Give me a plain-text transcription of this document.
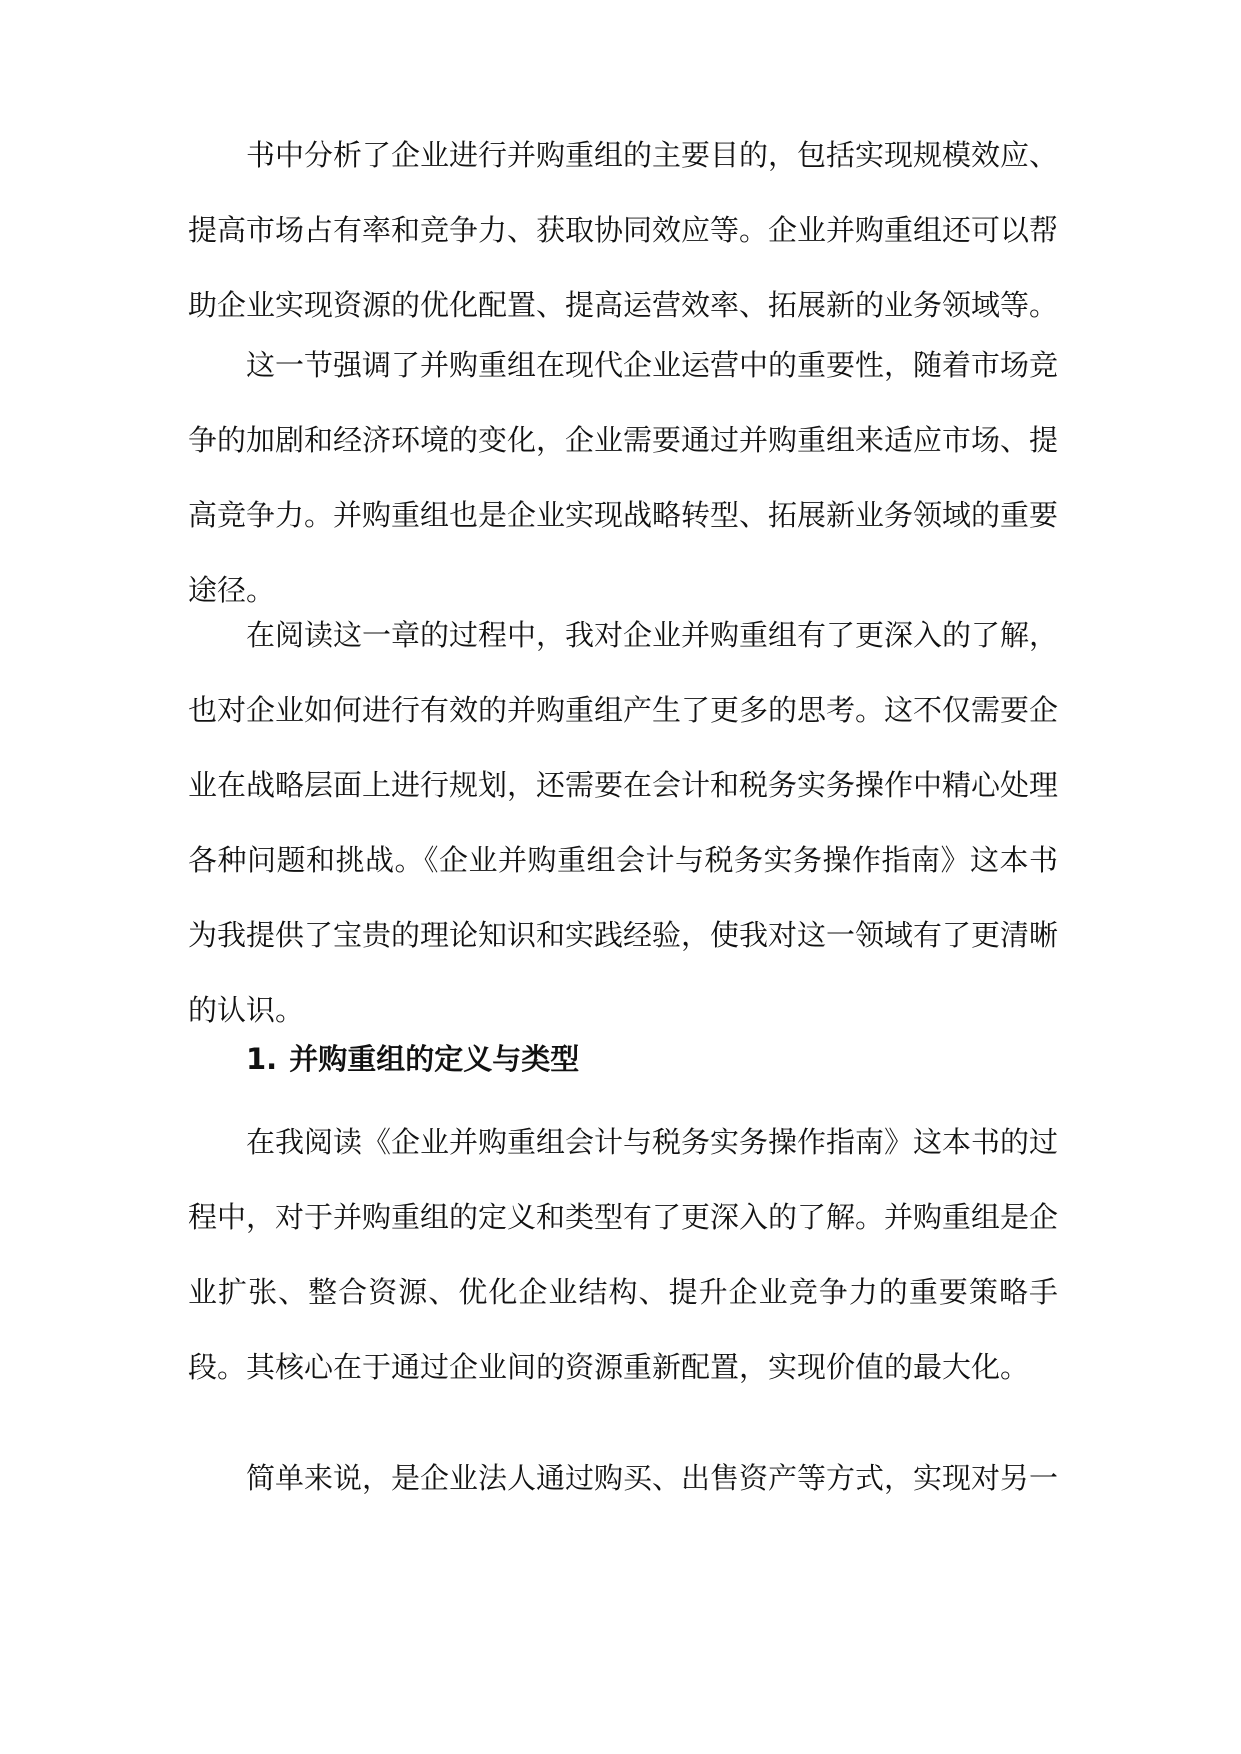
书中分析了企业进行并购重组的主要目的，包括实现规模效应、提高市场占有率和竞争力、获取协同效应等。企业并购重组还可以帮助企业实现资源的优化配置、提高运营效率、拓展新的业务领域等。

这一节强调了并购重组在现代企业运营中的重要性，随着市场竞争的加剧和经济环境的变化，企业需要通过并购重组来适应市场、提高竞争力。并购重组也是企业实现战略转型、拓展新业务领域的重要途径。

在阅读这一章的过程中，我对企业并购重组有了更深入的了解，也对企业如何进行有效的并购重组产生了更多的思考。这不仅需要企业在战略层面上进行规划，还需要在会计和税务实务操作中精心处理各种问题和挑战。《企业并购重组会计与税务实务操作指南》这本书为我提供了宝贵的理论知识和实践经验，使我对这一领域有了更清晰的认识。

1. 并购重组的定义与类型

在我阅读《企业并购重组会计与税务实务操作指南》这本书的过程中，对于并购重组的定义和类型有了更深入的了解。并购重组是企业扩张、整合资源、优化企业结构、提升企业竞争力的重要策略手段。其核心在于通过企业间的资源重新配置，实现价值的最大化。

简单来说，是企业法人通过购买、出售资产等方式，实现对另一
